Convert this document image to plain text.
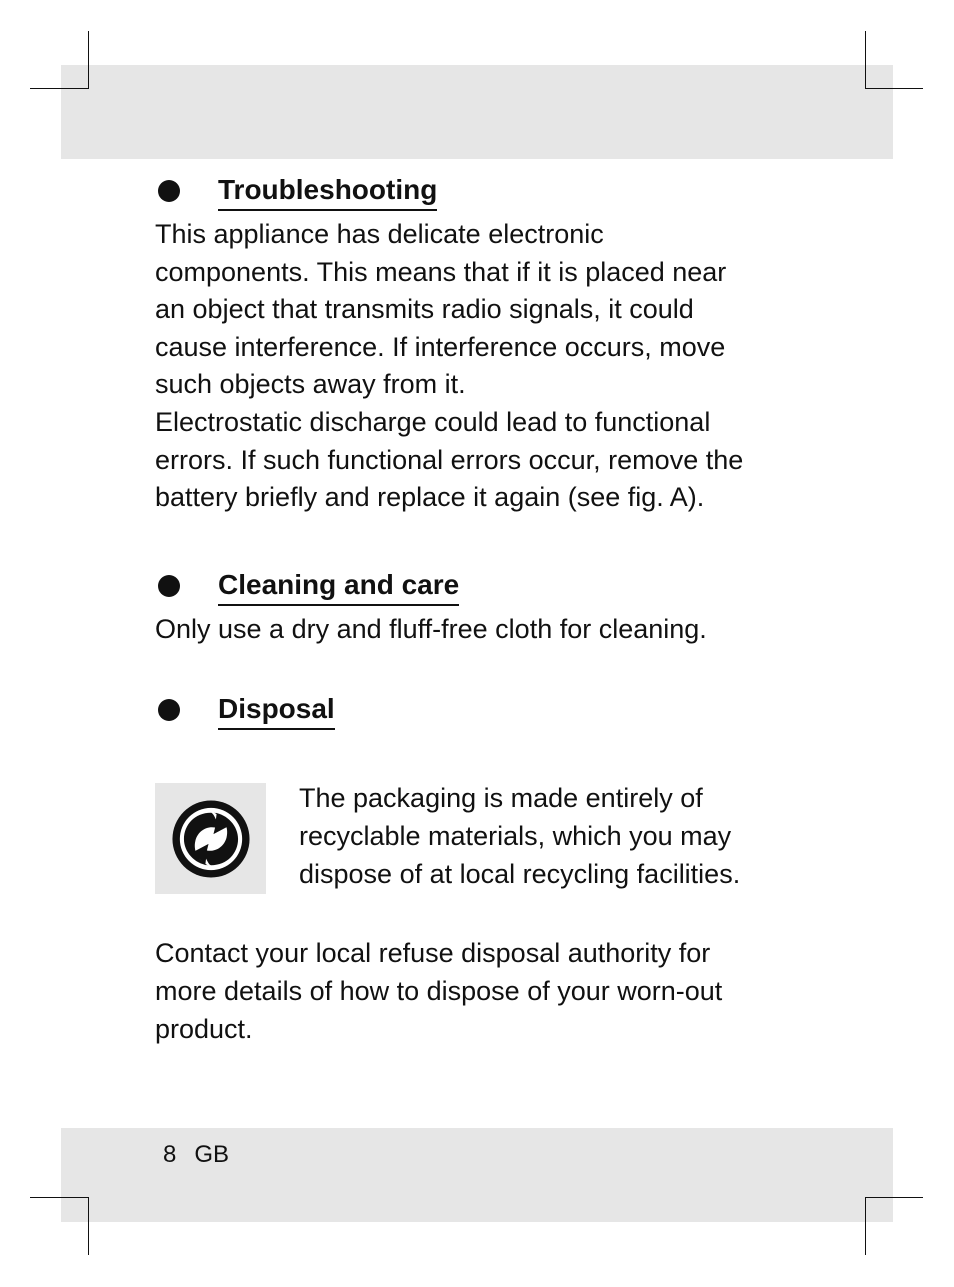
Troubleshooting

This appliance has delicate electronic
components. This means that if it is placed near
an object that transmits radio signals, it could
cause interference. If interference occurs, move
such objects away from it.
Electrostatic discharge could lead to functional
errors. If such functional errors occur, remove the
battery briefly and replace it again (see fig. A).

Cleaning and care

Only use a dry and fluff-free cloth for cleaning.

Disposal

The packaging is made entirely of
recyclable materials, which you may
dispose of at local recycling facilities.

Contact your local refuse disposal authority for
more details of how to dispose of your worn-out
product.

8 GB
